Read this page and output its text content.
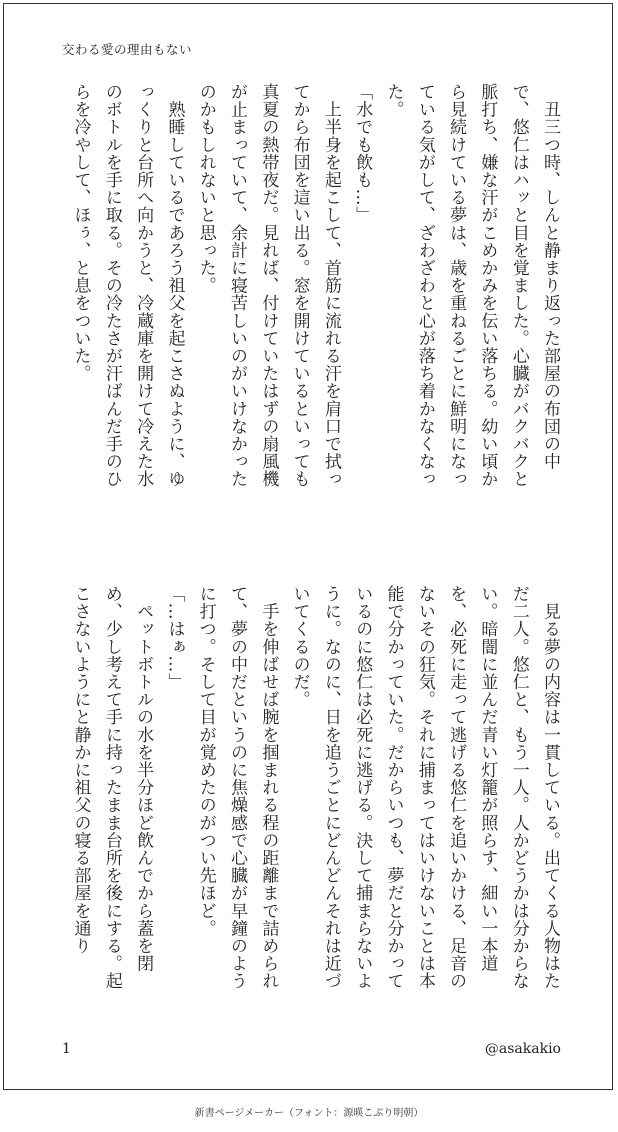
交わる愛の理由もない

　丑三つ時、しんと静まり返った部屋の布団の中で、悠仁はハッと目を覚ました。心臓がバクバクと脈打ち、嫌な汗がこめかみを伝い落ちる。幼い頃から見続けている夢は、歳を重ねるごとに鮮明になっている気がして、ざわざわと心が落ち着かなくなった。

「水でも飲も…」

　上半身を起こして、首筋に流れる汗を肩口で拭ってから布団を這い出る。窓を開けているといっても真夏の熱帯夜だ。見れば、付けていたはずの扇風機が止まっていて、余計に寝苦しいのがいけなかったのかもしれないと思った。

　熟睡しているであろう祖父を起こさぬように、ゆっくりと台所へ向かうと、冷蔵庫を開けて冷えた水のボトルを手に取る。その冷たさが汗ばんだ手のひらを冷やして、ほぅ、と息をついた。

　見る夢の内容は一貫している。出てくる人物はただ二人。悠仁と、もう一人。人かどうかは分からない。暗闇に並んだ青い灯籠が照らす、細い一本道を、必死に走って逃げる悠仁を追いかける、足音のないその狂気。それに捕まってはいけないことは本能で分かっていた。だからいつも、夢だと分かっているのに悠仁は必死に逃げる。決して捕まらないように。なのに、日を追うごとにどんどんそれは近づいてくるのだ。

　手を伸ばせば腕を掴まれる程の距離まで詰められて、夢の中だというのに焦燥感で心臓が早鐘のように打つ。そして目が覚めたのがつい先ほど。

「…はぁ…」

　ペットボトルの水を半分ほど飲んでから蓋を閉め、少し考えて手に持ったまま台所を後にする。起こさないようにと静かに祖父の寝る部屋を通り

1	@asakakio
新書ページメーカー（フォント：源暎こぶり明朝）
